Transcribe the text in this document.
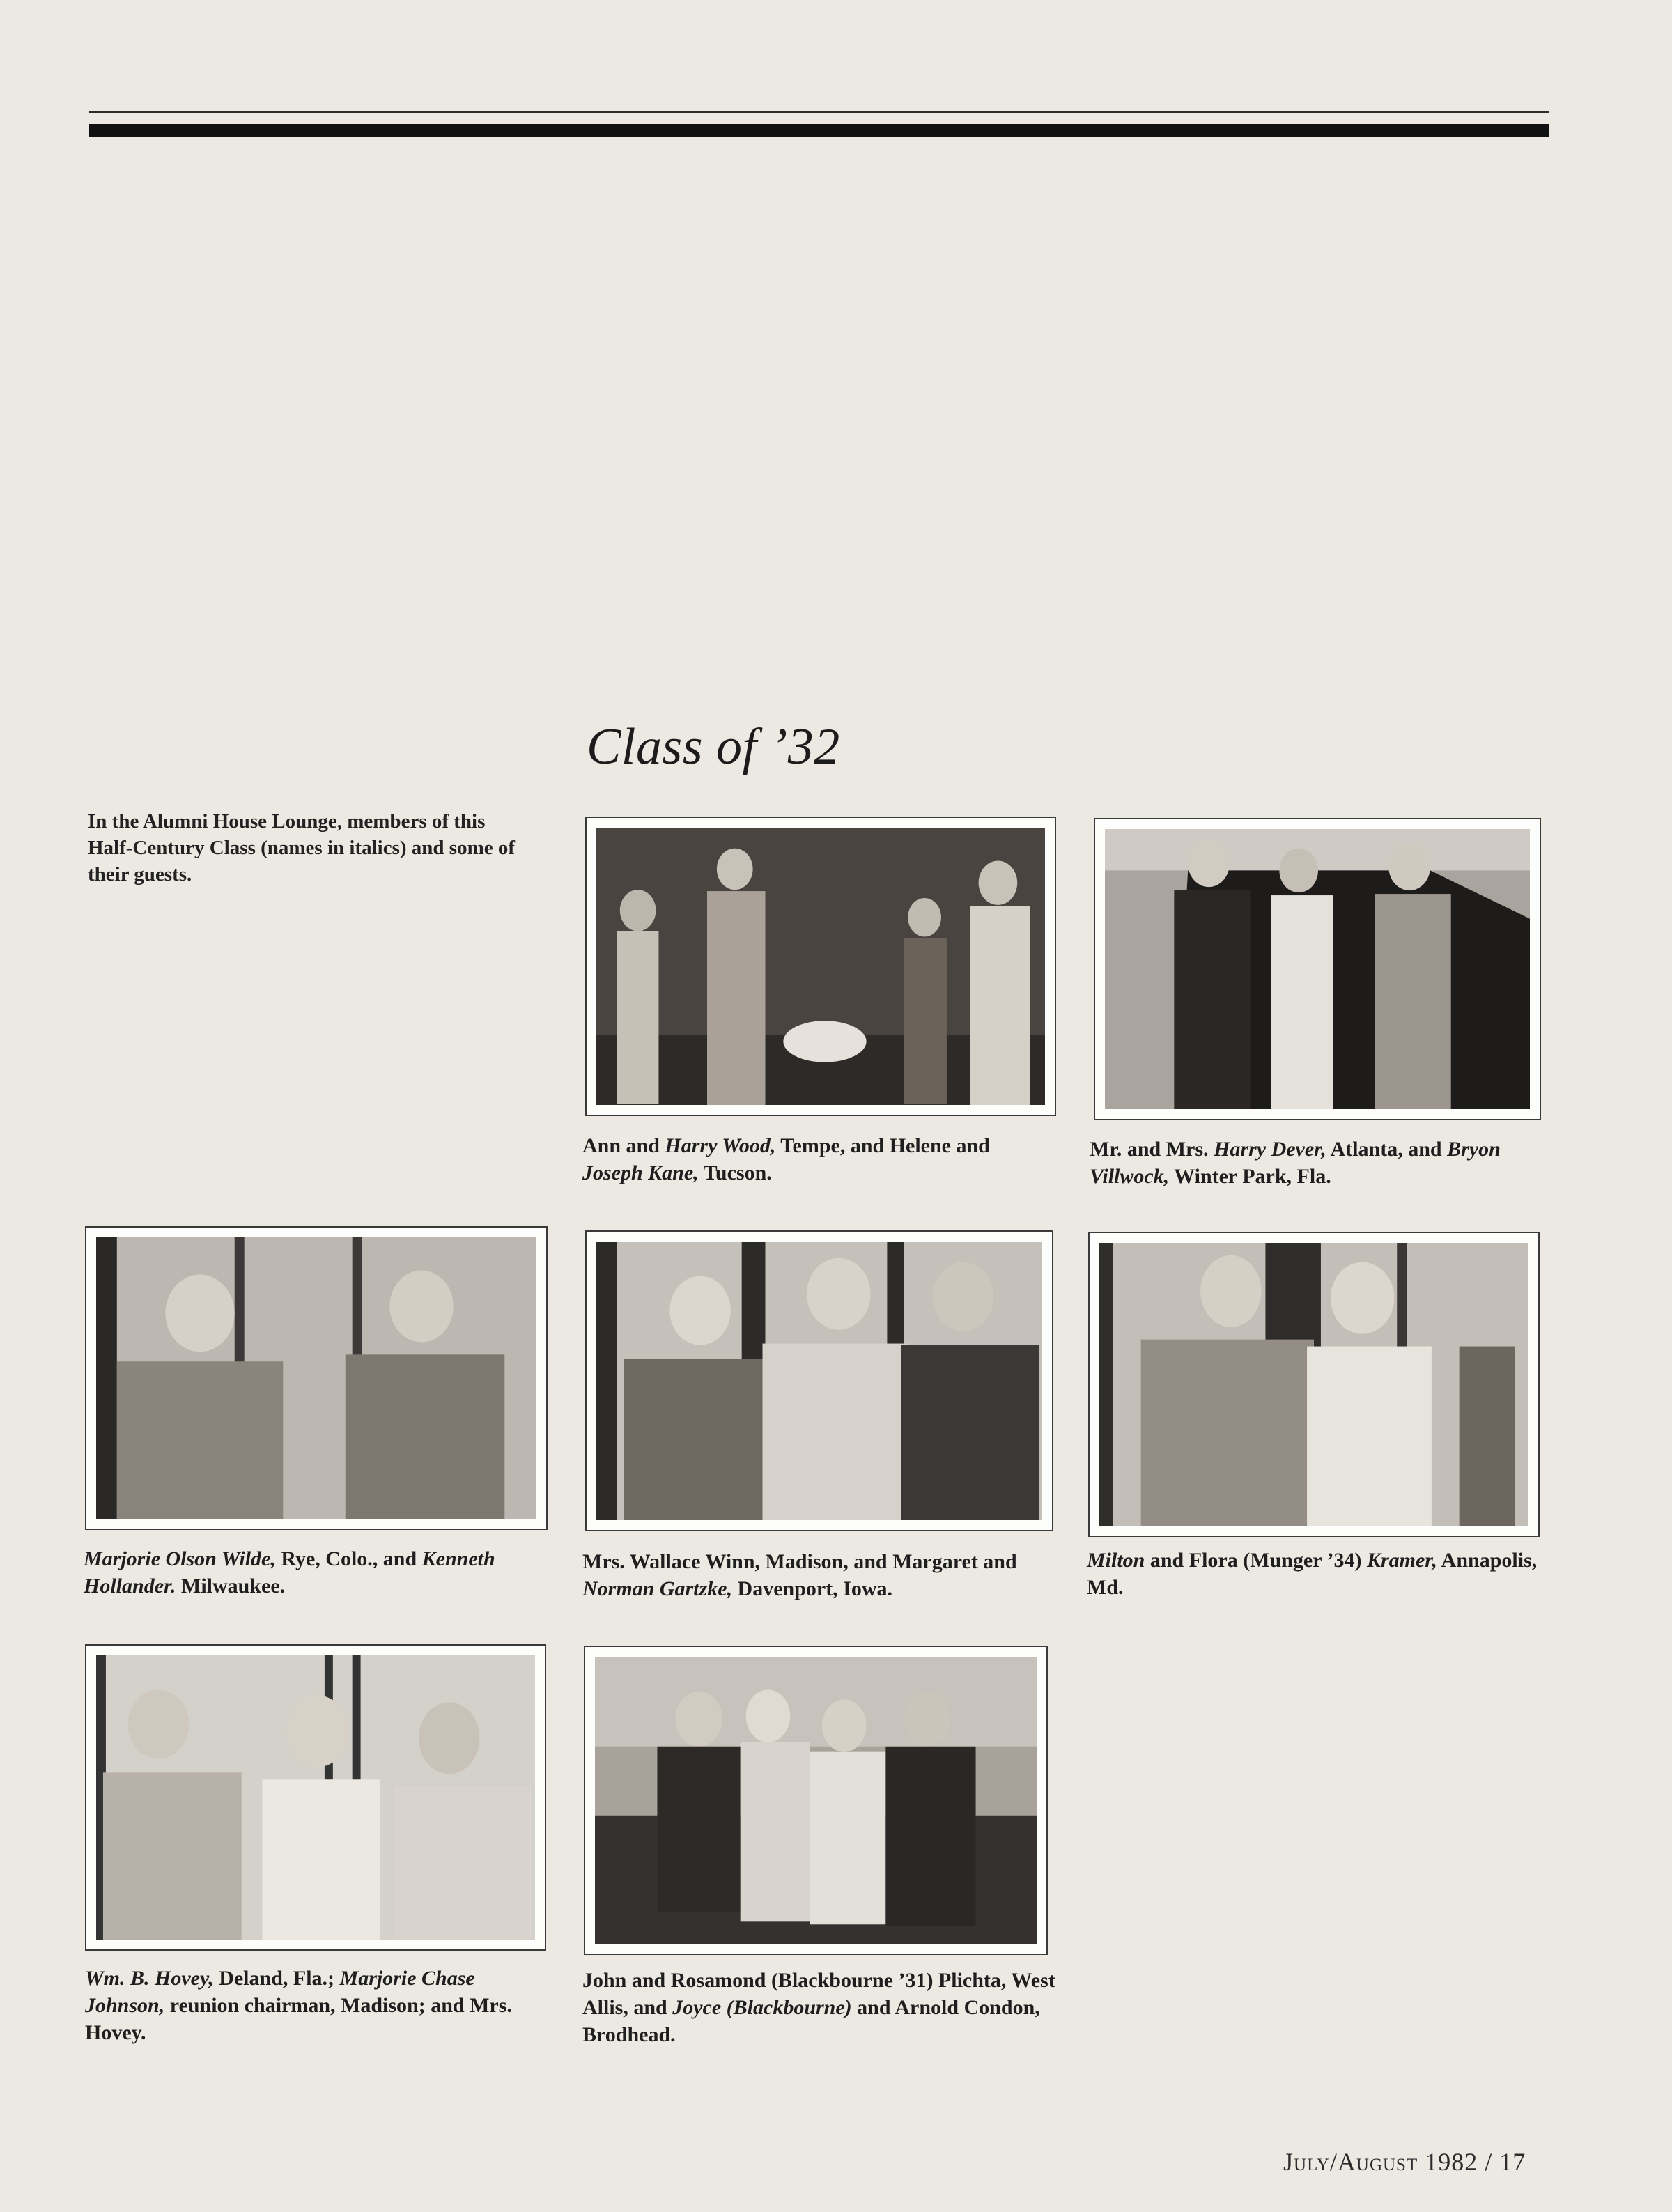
Class of ’32
In the Alumni House Lounge, members of this Half-Century Class (names in italics) and some of their guests.
Ann and Harry Wood, Tempe, and Helene and Joseph Kane, Tucson.
Mr. and Mrs. Harry Dever, Atlanta, and Bryon Villwock, Winter Park, Fla.
Marjorie Olson Wilde, Rye, Colo., and Kenneth Hollander. Milwaukee.
Mrs. Wallace Winn, Madison, and Margaret and Norman Gartzke, Davenport, Iowa.
Milton and Flora (Munger ’34) Kramer, Annapolis, Md.
Wm. B. Hovey, Deland, Fla.; Marjorie Chase Johnson, reunion chairman, Madison; and Mrs. Hovey.
John and Rosamond (Blackbourne ’31) Plichta, West Allis, and Joyce (Blackbourne) and Arnold Condon, Brodhead.
July/August 1982 / 17
